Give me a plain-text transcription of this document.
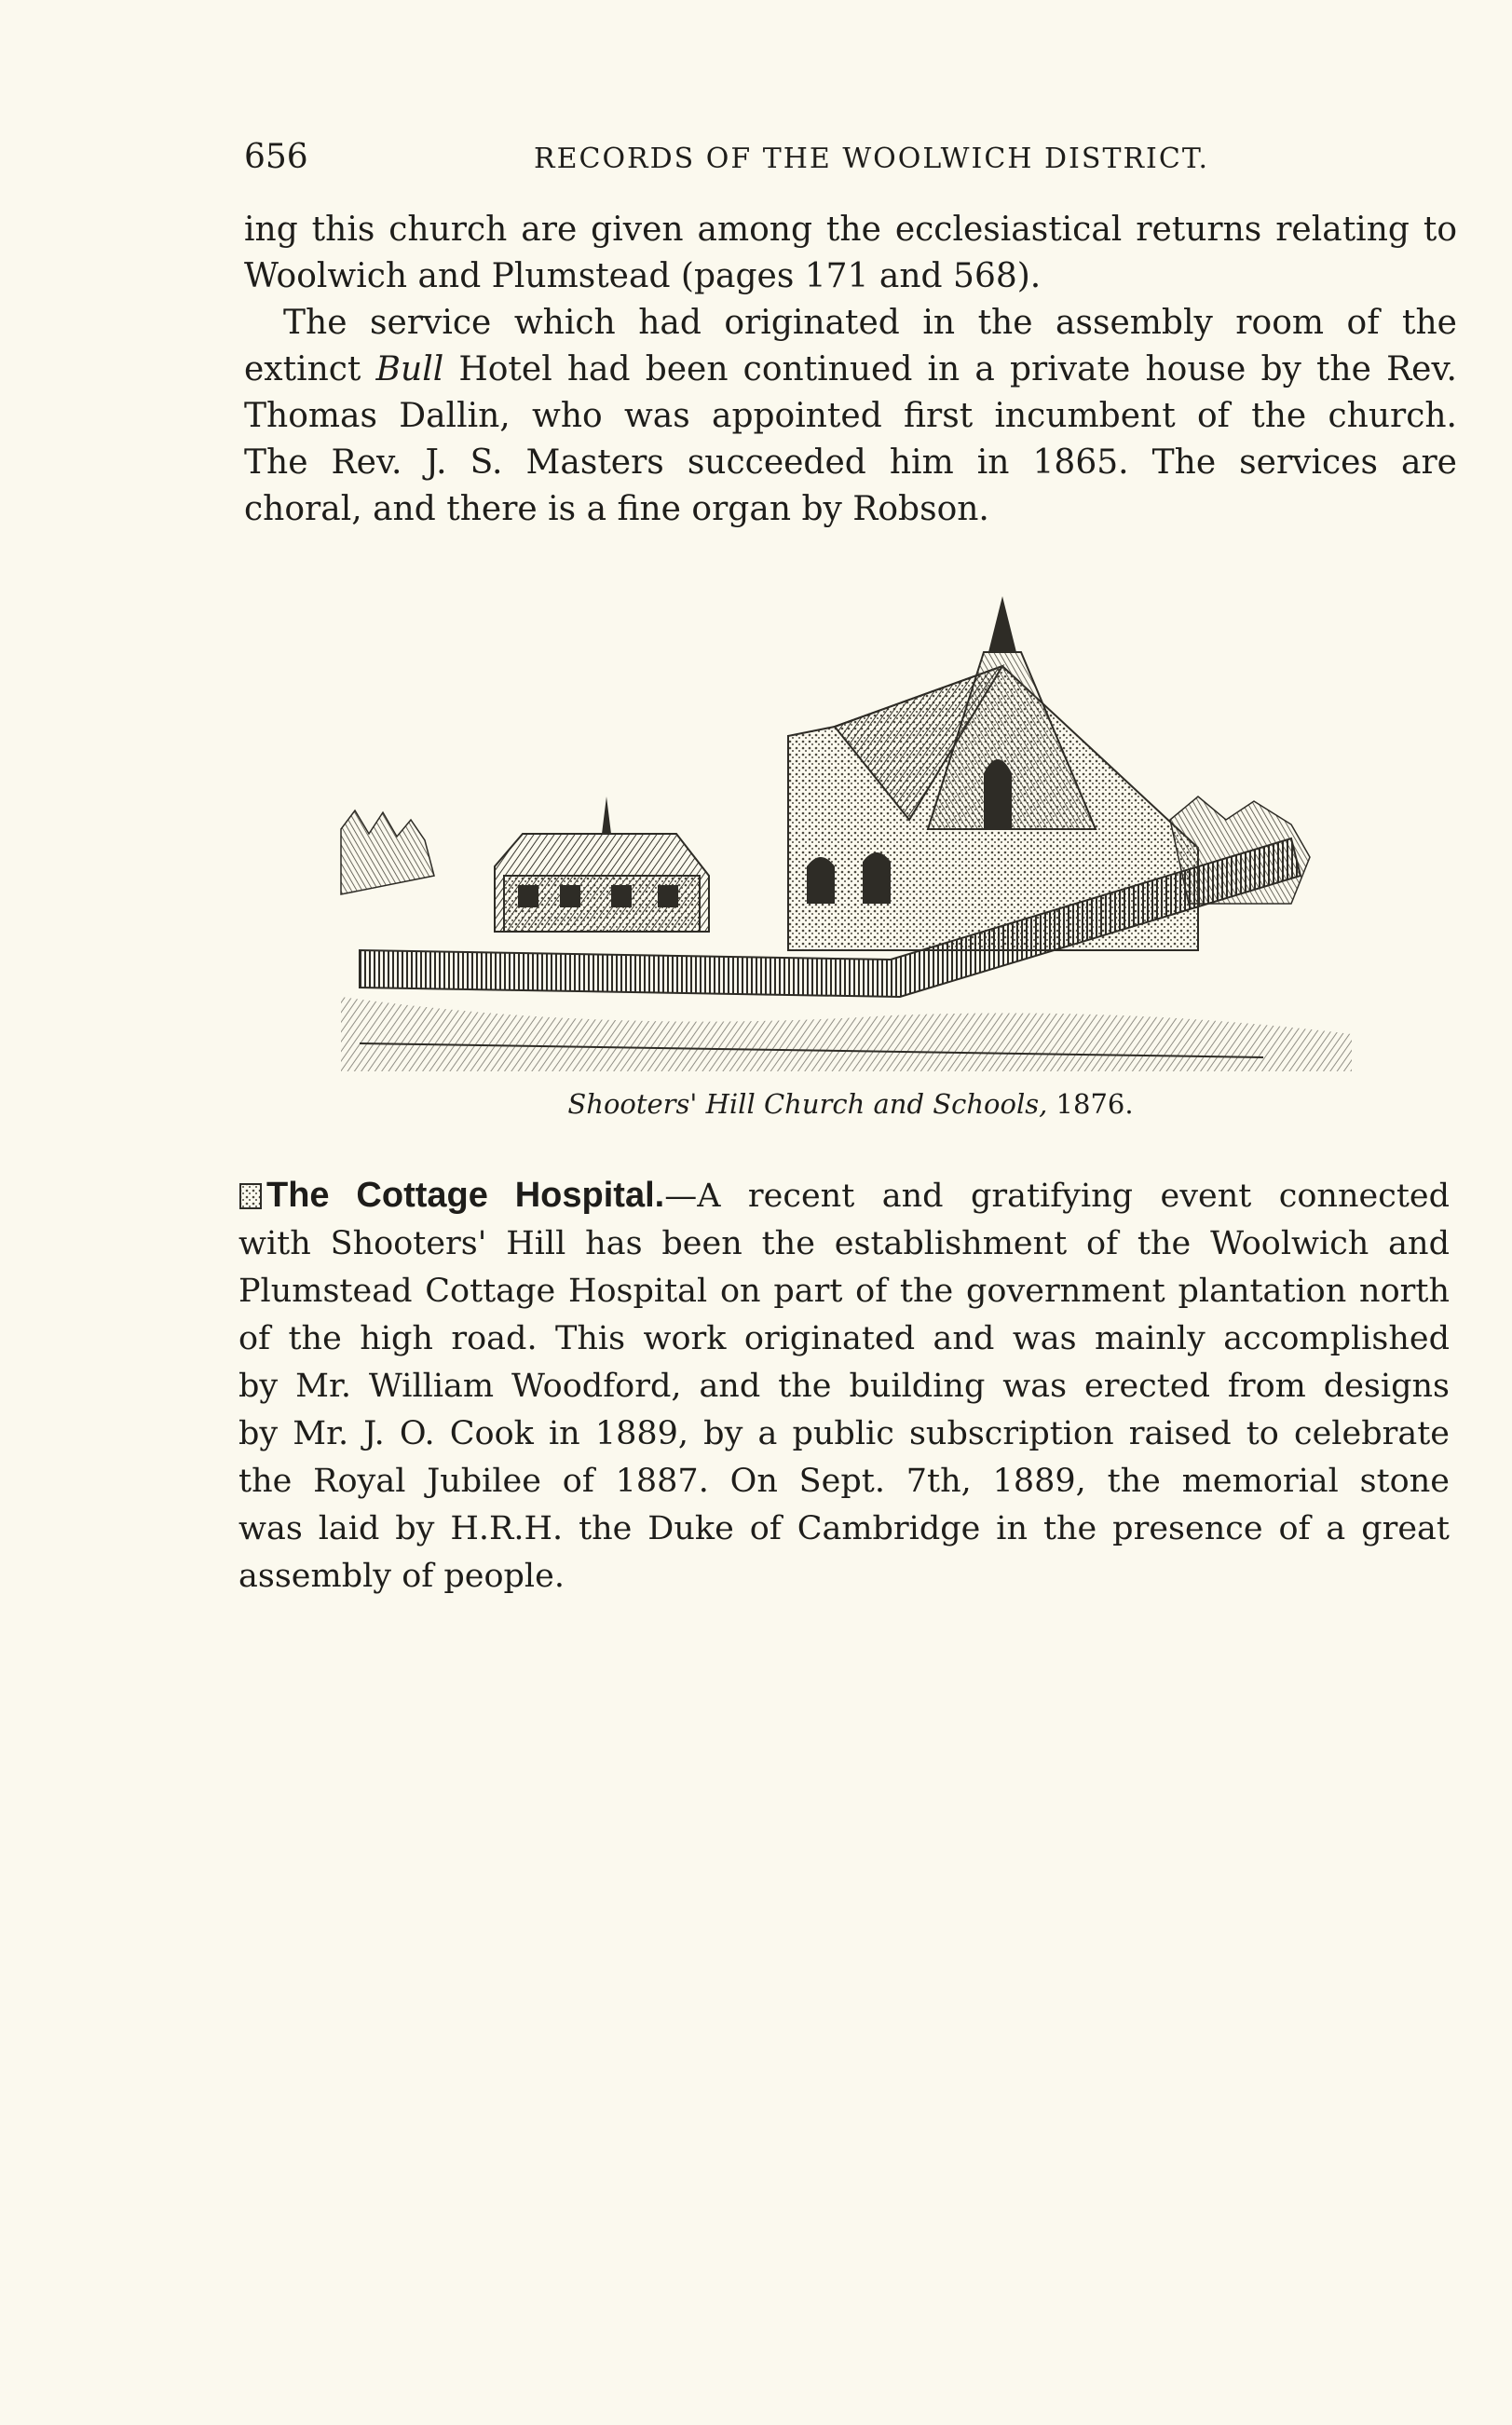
656	RECORDS OF THE WOOLWICH DISTRICT.
ing this church are given among the ecclesiastical returns relating to
Woolwich and Plumstead (pages 171 and 568).
The service which had originated in the assembly room of the
extinct Bull Hotel had been continued in a private house by the Rev.
Thomas Dallin, who was appointed first incumbent of the church.
The Rev. J. S. Masters succeeded him in 1865. The services are
choral, and there is a fine organ by Robson.
Shooters' Hill Church and Schools, 1876.
The Cottage Hospital.—A recent and gratifying event connected
with Shooters' Hill has been the establishment of the Woolwich and
Plumstead Cottage Hospital on part of the government plantation north
of the high road. This work originated and was mainly accomplished
by Mr. William Woodford, and the building was erected from designs
by Mr. J. O. Cook in 1889, by a public subscription raised to celebrate
the Royal Jubilee of 1887. On Sept. 7th, 1889, the memorial stone
was laid by H.R.H. the Duke of Cambridge in the presence of a great
assembly of people.
